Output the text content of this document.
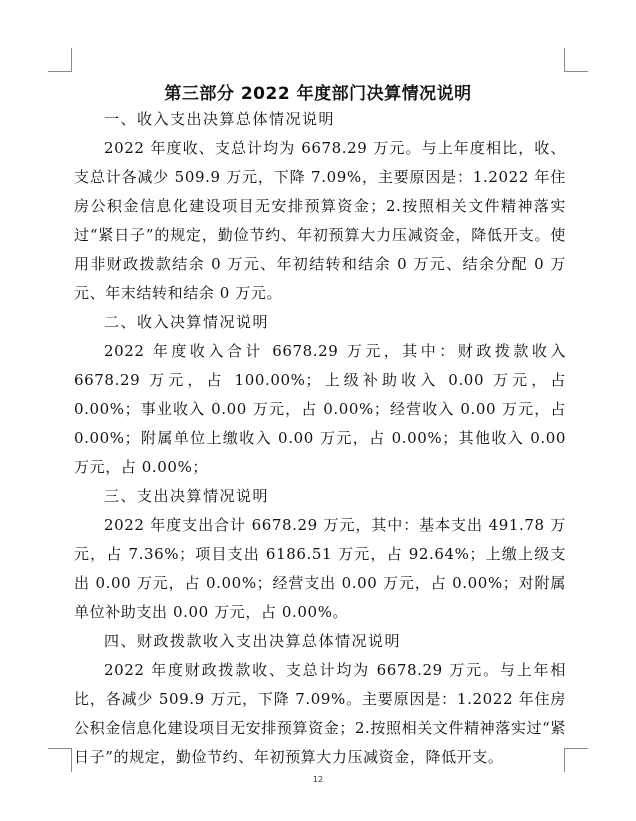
第三部分 2022 年度部门决算情况说明
一、收入支出决算总体情况说明

2022 年度收、支总计均为 6678.29 万元。与上年度相比，收、支总计各减少 509.9 万元，下降 7.09%，主要原因是：1.2022 年住房公积金信息化建设项目无安排预算资金；2.按照相关文件精神落实过“紧日子”的规定，勤俭节约、年初预算大力压减资金，降低开支。使用非财政拨款结余 0 万元、年初结转和结余 0 万元、结余分配 0 万元、年末结转和结余 0 万元。

二、收入决算情况说明

2022 年度收入合计 6678.29 万元，其中：财政拨款收入 6678.29 万元，占 100.00%；上级补助收入 0.00 万元，占 0.00%；事业收入 0.00 万元，占 0.00%；经营收入 0.00 万元，占 0.00%；附属单位上缴收入 0.00 万元，占 0.00%；其他收入 0.00 万元，占 0.00%；

三、支出决算情况说明

2022 年度支出合计 6678.29 万元，其中：基本支出 491.78 万元，占 7.36%；项目支出 6186.51 万元，占 92.64%；上缴上级支出 0.00 万元，占 0.00%；经营支出 0.00 万元，占 0.00%；对附属单位补助支出 0.00 万元，占 0.00%。

四、财政拨款收入支出决算总体情况说明

2022 年度财政拨款收、支总计均为 6678.29 万元。与上年相比，各减少 509.9 万元，下降 7.09%。主要原因是：1.2022 年住房公积金信息化建设项目无安排预算资金；2.按照相关文件精神落实过“紧日子”的规定，勤俭节约、年初预算大力压减资金，降低开支。

12
